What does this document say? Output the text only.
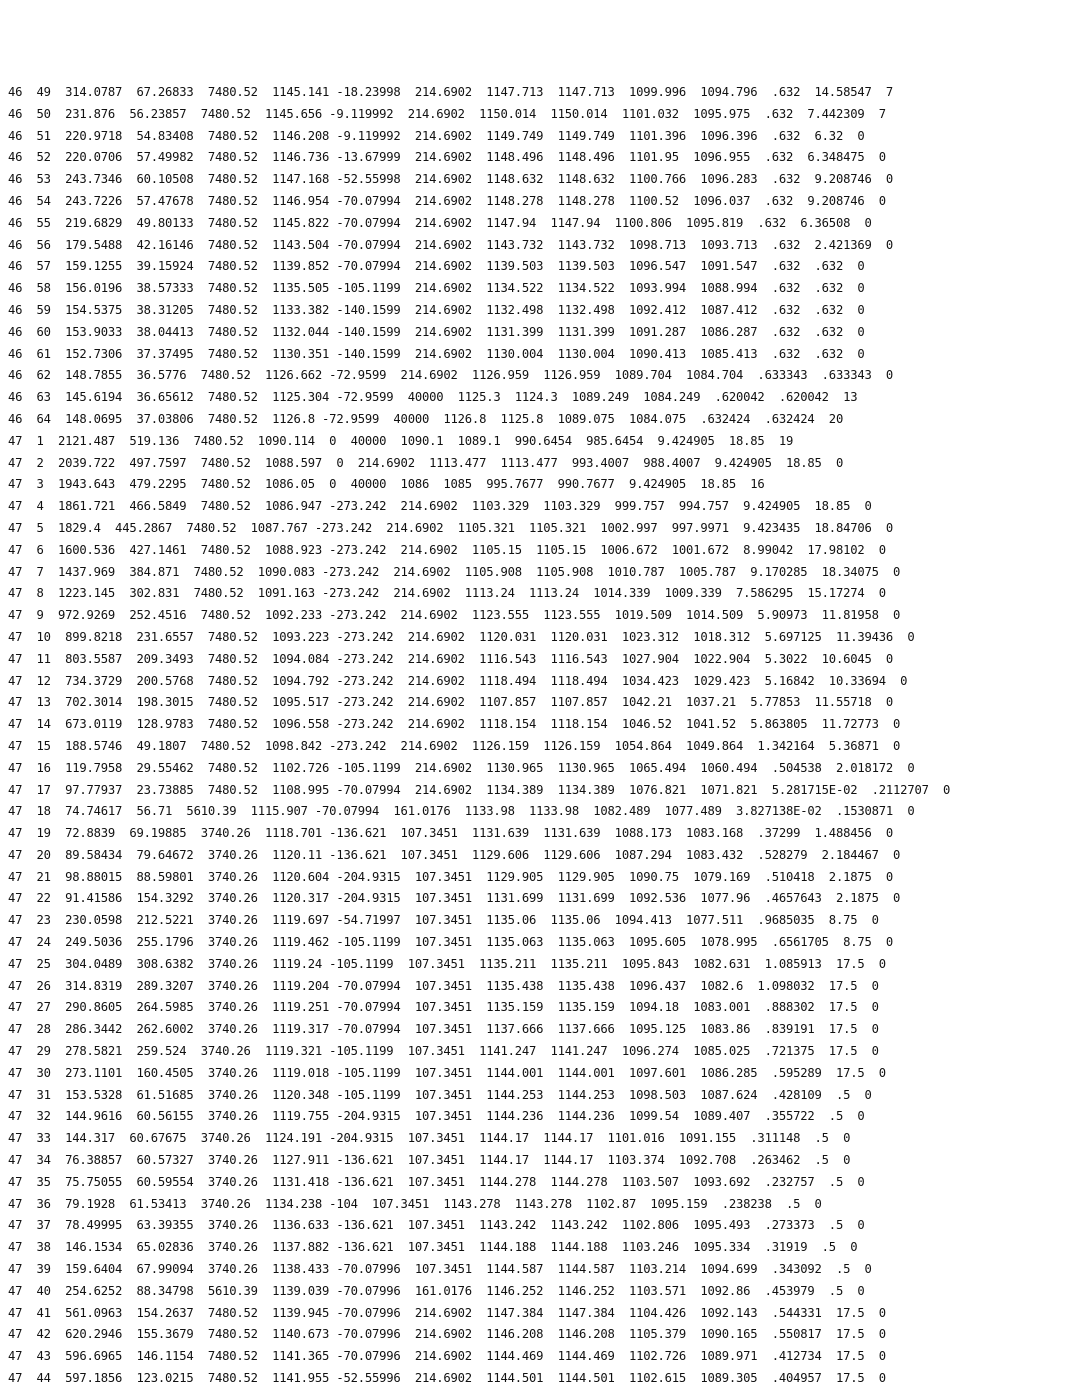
46  49  314.0787  67.26833  7480.52  1145.141 -18.23998  214.6902  1147.713  1147.713  1099.996  1094.796  .632  14.58547  7
46  50  231.876  56.23857  7480.52  1145.656 -9.119992  214.6902  1150.014  1150.014  1101.032  1095.975  .632  7.442309  7
46  51  220.9718  54.83408  7480.52  1146.208 -9.119992  214.6902  1149.749  1149.749  1101.396  1096.396  .632  6.32  0
46  52  220.0706  57.49982  7480.52  1146.736 -13.67999  214.6902  1148.496  1148.496  1101.95  1096.955  .632  6.348475  0
46  53  243.7346  60.10508  7480.52  1147.168 -52.55998  214.6902  1148.632  1148.632  1100.766  1096.283  .632  9.208746  0
46  54  243.7226  57.47678  7480.52  1146.954 -70.07994  214.6902  1148.278  1148.278  1100.52  1096.037  .632  9.208746  0
46  55  219.6829  49.80133  7480.52  1145.822 -70.07994  214.6902  1147.94  1147.94  1100.806  1095.819  .632  6.36508  0
46  56  179.5488  42.16146  7480.52  1143.504 -70.07994  214.6902  1143.732  1143.732  1098.713  1093.713  .632  2.421369  0
46  57  159.1255  39.15924  7480.52  1139.852 -70.07994  214.6902  1139.503  1139.503  1096.547  1091.547  .632  .632  0
46  58  156.0196  38.57333  7480.52  1135.505 -105.1199  214.6902  1134.522  1134.522  1093.994  1088.994  .632  .632  0
46  59  154.5375  38.31205  7480.52  1133.382 -140.1599  214.6902  1132.498  1132.498  1092.412  1087.412  .632  .632  0
46  60  153.9033  38.04413  7480.52  1132.044 -140.1599  214.6902  1131.399  1131.399  1091.287  1086.287  .632  .632  0
46  61  152.7306  37.37495  7480.52  1130.351 -140.1599  214.6902  1130.004  1130.004  1090.413  1085.413  .632  .632  0
46  62  148.7855  36.5776  7480.52  1126.662 -72.9599  214.6902  1126.959  1126.959  1089.704  1084.704  .633343  .633343  0
46  63  145.6194  36.65612  7480.52  1125.304 -72.9599  40000  1125.3  1124.3  1089.249  1084.249  .620042  .620042  13
46  64  148.0695  37.03806  7480.52  1126.8 -72.9599  40000  1126.8  1125.8  1089.075  1084.075  .632424  .632424  20
47  1  2121.487  519.136  7480.52  1090.114  0  40000  1090.1  1089.1  990.6454  985.6454  9.424905  18.85  19
47  2  2039.722  497.7597  7480.52  1088.597  0  214.6902  1113.477  1113.477  993.4007  988.4007  9.424905  18.85  0
47  3  1943.643  479.2295  7480.52  1086.05  0  40000  1086  1085  995.7677  990.7677  9.424905  18.85  16
47  4  1861.721  466.5849  7480.52  1086.947 -273.242  214.6902  1103.329  1103.329  999.757  994.757  9.424905  18.85  0
47  5  1829.4  445.2867  7480.52  1087.767 -273.242  214.6902  1105.321  1105.321  1002.997  997.9971  9.423435  18.84706  0
47  6  1600.536  427.1461  7480.52  1088.923 -273.242  214.6902  1105.15  1105.15  1006.672  1001.672  8.99042  17.98102  0
47  7  1437.969  384.871  7480.52  1090.083 -273.242  214.6902  1105.908  1105.908  1010.787  1005.787  9.170285  18.34075  0
47  8  1223.145  302.831  7480.52  1091.163 -273.242  214.6902  1113.24  1113.24  1014.339  1009.339  7.586295  15.17274  0
47  9  972.9269  252.4516  7480.52  1092.233 -273.242  214.6902  1123.555  1123.555  1019.509  1014.509  5.90973  11.81958  0
47  10  899.8218  231.6557  7480.52  1093.223 -273.242  214.6902  1120.031  1120.031  1023.312  1018.312  5.697125  11.39436  0
47  11  803.5587  209.3493  7480.52  1094.084 -273.242  214.6902  1116.543  1116.543  1027.904  1022.904  5.3022  10.6045  0
47  12  734.3729  200.5768  7480.52  1094.792 -273.242  214.6902  1118.494  1118.494  1034.423  1029.423  5.16842  10.33694  0
47  13  702.3014  198.3015  7480.52  1095.517 -273.242  214.6902  1107.857  1107.857  1042.21  1037.21  5.77853  11.55718  0
47  14  673.0119  128.9783  7480.52  1096.558 -273.242  214.6902  1118.154  1118.154  1046.52  1041.52  5.863805  11.72773  0
47  15  188.5746  49.1807  7480.52  1098.842 -273.242  214.6902  1126.159  1126.159  1054.864  1049.864  1.342164  5.36871  0
47  16  119.7958  29.55462  7480.52  1102.726 -105.1199  214.6902  1130.965  1130.965  1065.494  1060.494  .504538  2.018172  0
47  17  97.77937  23.73885  7480.52  1108.995 -70.07994  214.6902  1134.389  1134.389  1076.821  1071.821  5.281715E-02  .2112707  0
47  18  74.74617  56.71  5610.39  1115.907 -70.07994  161.0176  1133.98  1133.98  1082.489  1077.489  3.827138E-02  .1530871  0
47  19  72.8839  69.19885  3740.26  1118.701 -136.621  107.3451  1131.639  1131.639  1088.173  1083.168  .37299  1.488456  0
47  20  89.58434  79.64672  3740.26  1120.11 -136.621  107.3451  1129.606  1129.606  1087.294  1083.432  .528279  2.184467  0
47  21  98.88015  88.59801  3740.26  1120.604 -204.9315  107.3451  1129.905  1129.905  1090.75  1079.169  .510418  2.1875  0
47  22  91.41586  154.3292  3740.26  1120.317 -204.9315  107.3451  1131.699  1131.699  1092.536  1077.96  .4657643  2.1875  0
47  23  230.0598  212.5221  3740.26  1119.697 -54.71997  107.3451  1135.06  1135.06  1094.413  1077.511  .9685035  8.75  0
47  24  249.5036  255.1796  3740.26  1119.462 -105.1199  107.3451  1135.063  1135.063  1095.605  1078.995  .6561705  8.75  0
47  25  304.0489  308.6382  3740.26  1119.24 -105.1199  107.3451  1135.211  1135.211  1095.843  1082.631  1.085913  17.5  0
47  26  314.8319  289.3207  3740.26  1119.204 -70.07994  107.3451  1135.438  1135.438  1096.437  1082.6  1.098032  17.5  0
47  27  290.8605  264.5985  3740.26  1119.251 -70.07994  107.3451  1135.159  1135.159  1094.18  1083.001  .888302  17.5  0
47  28  286.3442  262.6002  3740.26  1119.317 -70.07994  107.3451  1137.666  1137.666  1095.125  1083.86  .839191  17.5  0
47  29  278.5821  259.524  3740.26  1119.321 -105.1199  107.3451  1141.247  1141.247  1096.274  1085.025  .721375  17.5  0
47  30  273.1101  160.4505  3740.26  1119.018 -105.1199  107.3451  1144.001  1144.001  1097.601  1086.285  .595289  17.5  0
47  31  153.5328  61.51685  3740.26  1120.348 -105.1199  107.3451  1144.253  1144.253  1098.503  1087.624  .428109  .5  0
47  32  144.9616  60.56155  3740.26  1119.755 -204.9315  107.3451  1144.236  1144.236  1099.54  1089.407  .355722  .5  0
47  33  144.317  60.67675  3740.26  1124.191 -204.9315  107.3451  1144.17  1144.17  1101.016  1091.155  .311148  .5  0
47  34  76.38857  60.57327  3740.26  1127.911 -136.621  107.3451  1144.17  1144.17  1103.374  1092.708  .263462  .5  0
47  35  75.75055  60.59554  3740.26  1131.418 -136.621  107.3451  1144.278  1144.278  1103.507  1093.692  .232757  .5  0
47  36  79.1928  61.53413  3740.26  1134.238 -104  107.3451  1143.278  1143.278  1102.87  1095.159  .238238  .5  0
47  37  78.49995  63.39355  3740.26  1136.633 -136.621  107.3451  1143.242  1143.242  1102.806  1095.493  .273373  .5  0
47  38  146.1534  65.02836  3740.26  1137.882 -136.621  107.3451  1144.188  1144.188  1103.246  1095.334  .31919  .5  0
47  39  159.6404  67.99094  3740.26  1138.433 -70.07996  107.3451  1144.587  1144.587  1103.214  1094.699  .343092  .5  0
47  40  254.6252  88.34798  5610.39  1139.039 -70.07996  161.0176  1146.252  1146.252  1103.571  1092.86  .453979  .5  0
47  41  561.0963  154.2637  7480.52  1139.945 -70.07996  214.6902  1147.384  1147.384  1104.426  1092.143  .544331  17.5  0
47  42  620.2946  155.3679  7480.52  1140.673 -70.07996  214.6902  1146.208  1146.208  1105.379  1090.165  .550817  17.5  0
47  43  596.6965  146.1154  7480.52  1141.365 -70.07996  214.6902  1144.469  1144.469  1102.726  1089.971  .412734  17.5  0
47  44  597.1856  123.0215  7480.52  1141.955 -52.55996  214.6902  1144.501  1144.501  1102.615  1089.305  .404957  17.5  0
